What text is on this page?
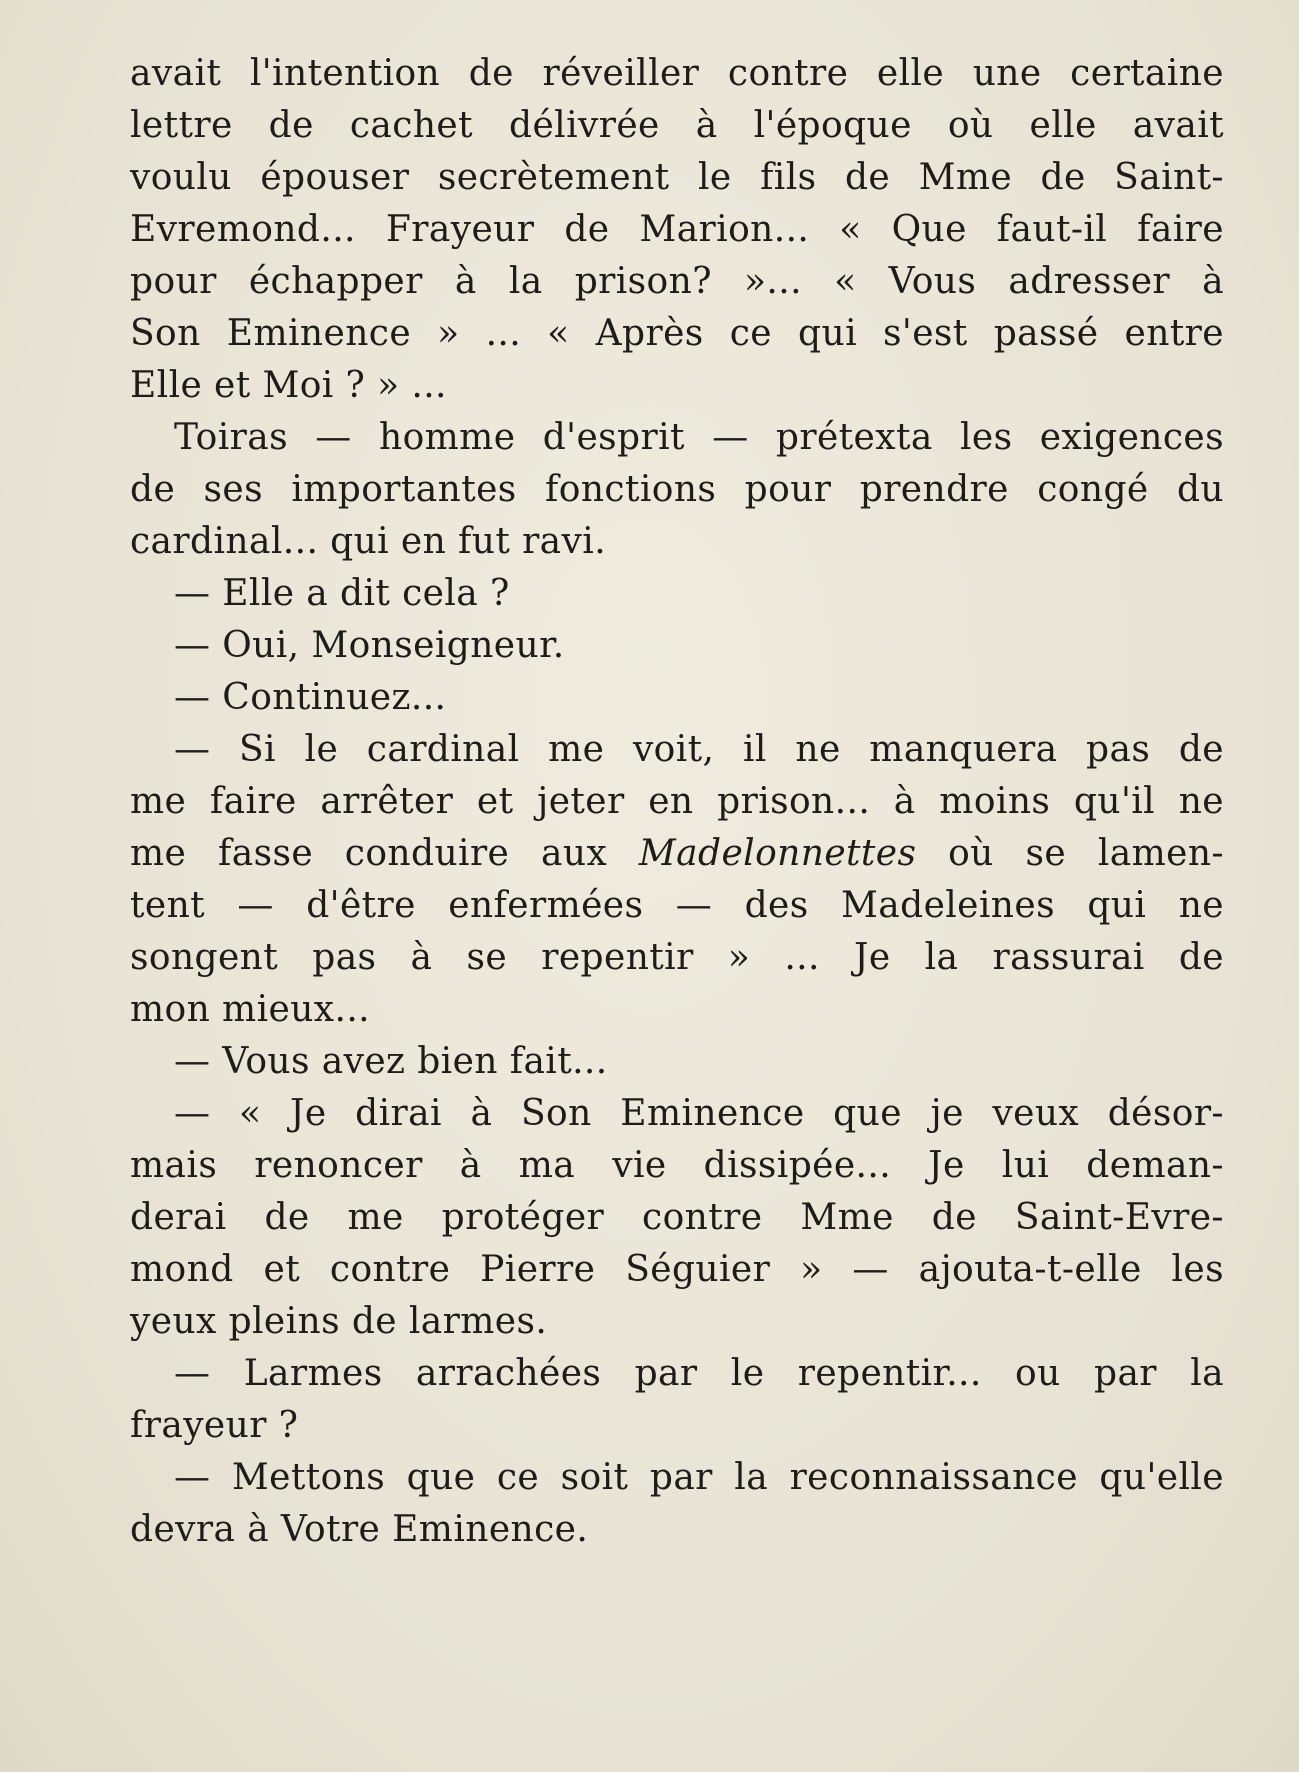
avait l'intention de réveiller contre elle une certaine
lettre de cachet délivrée à l'époque où elle avait
voulu épouser secrètement le fils de Mme de Saint-
Evremond... Frayeur de Marion... « Que faut-il faire
pour échapper à la prison? »... « Vous adresser à
Son Eminence » ... « Après ce qui s'est passé entre
Elle et Moi ? » ...

Toiras — homme d'esprit — prétexta les exigences
de ses importantes fonctions pour prendre congé du
cardinal... qui en fut ravi.

— Elle a dit cela ?

— Oui, Monseigneur.

— Continuez...

— Si le cardinal me voit, il ne manquera pas de
me faire arrêter et jeter en prison... à moins qu'il ne
me fasse conduire aux Madelonnettes où se lamen-
tent — d'être enfermées — des Madeleines qui ne
songent pas à se repentir » ... Je la rassurai de
mon mieux...

— Vous avez bien fait...

— « Je dirai à Son Eminence que je veux désor-
mais renoncer à ma vie dissipée... Je lui deman-
derai de me protéger contre Mme de Saint-Evre-
mond et contre Pierre Séguier » — ajouta-t-elle les
yeux pleins de larmes.

— Larmes arrachées par le repentir... ou par la
frayeur ?

— Mettons que ce soit par la reconnaissance qu'elle
devra à Votre Eminence.
